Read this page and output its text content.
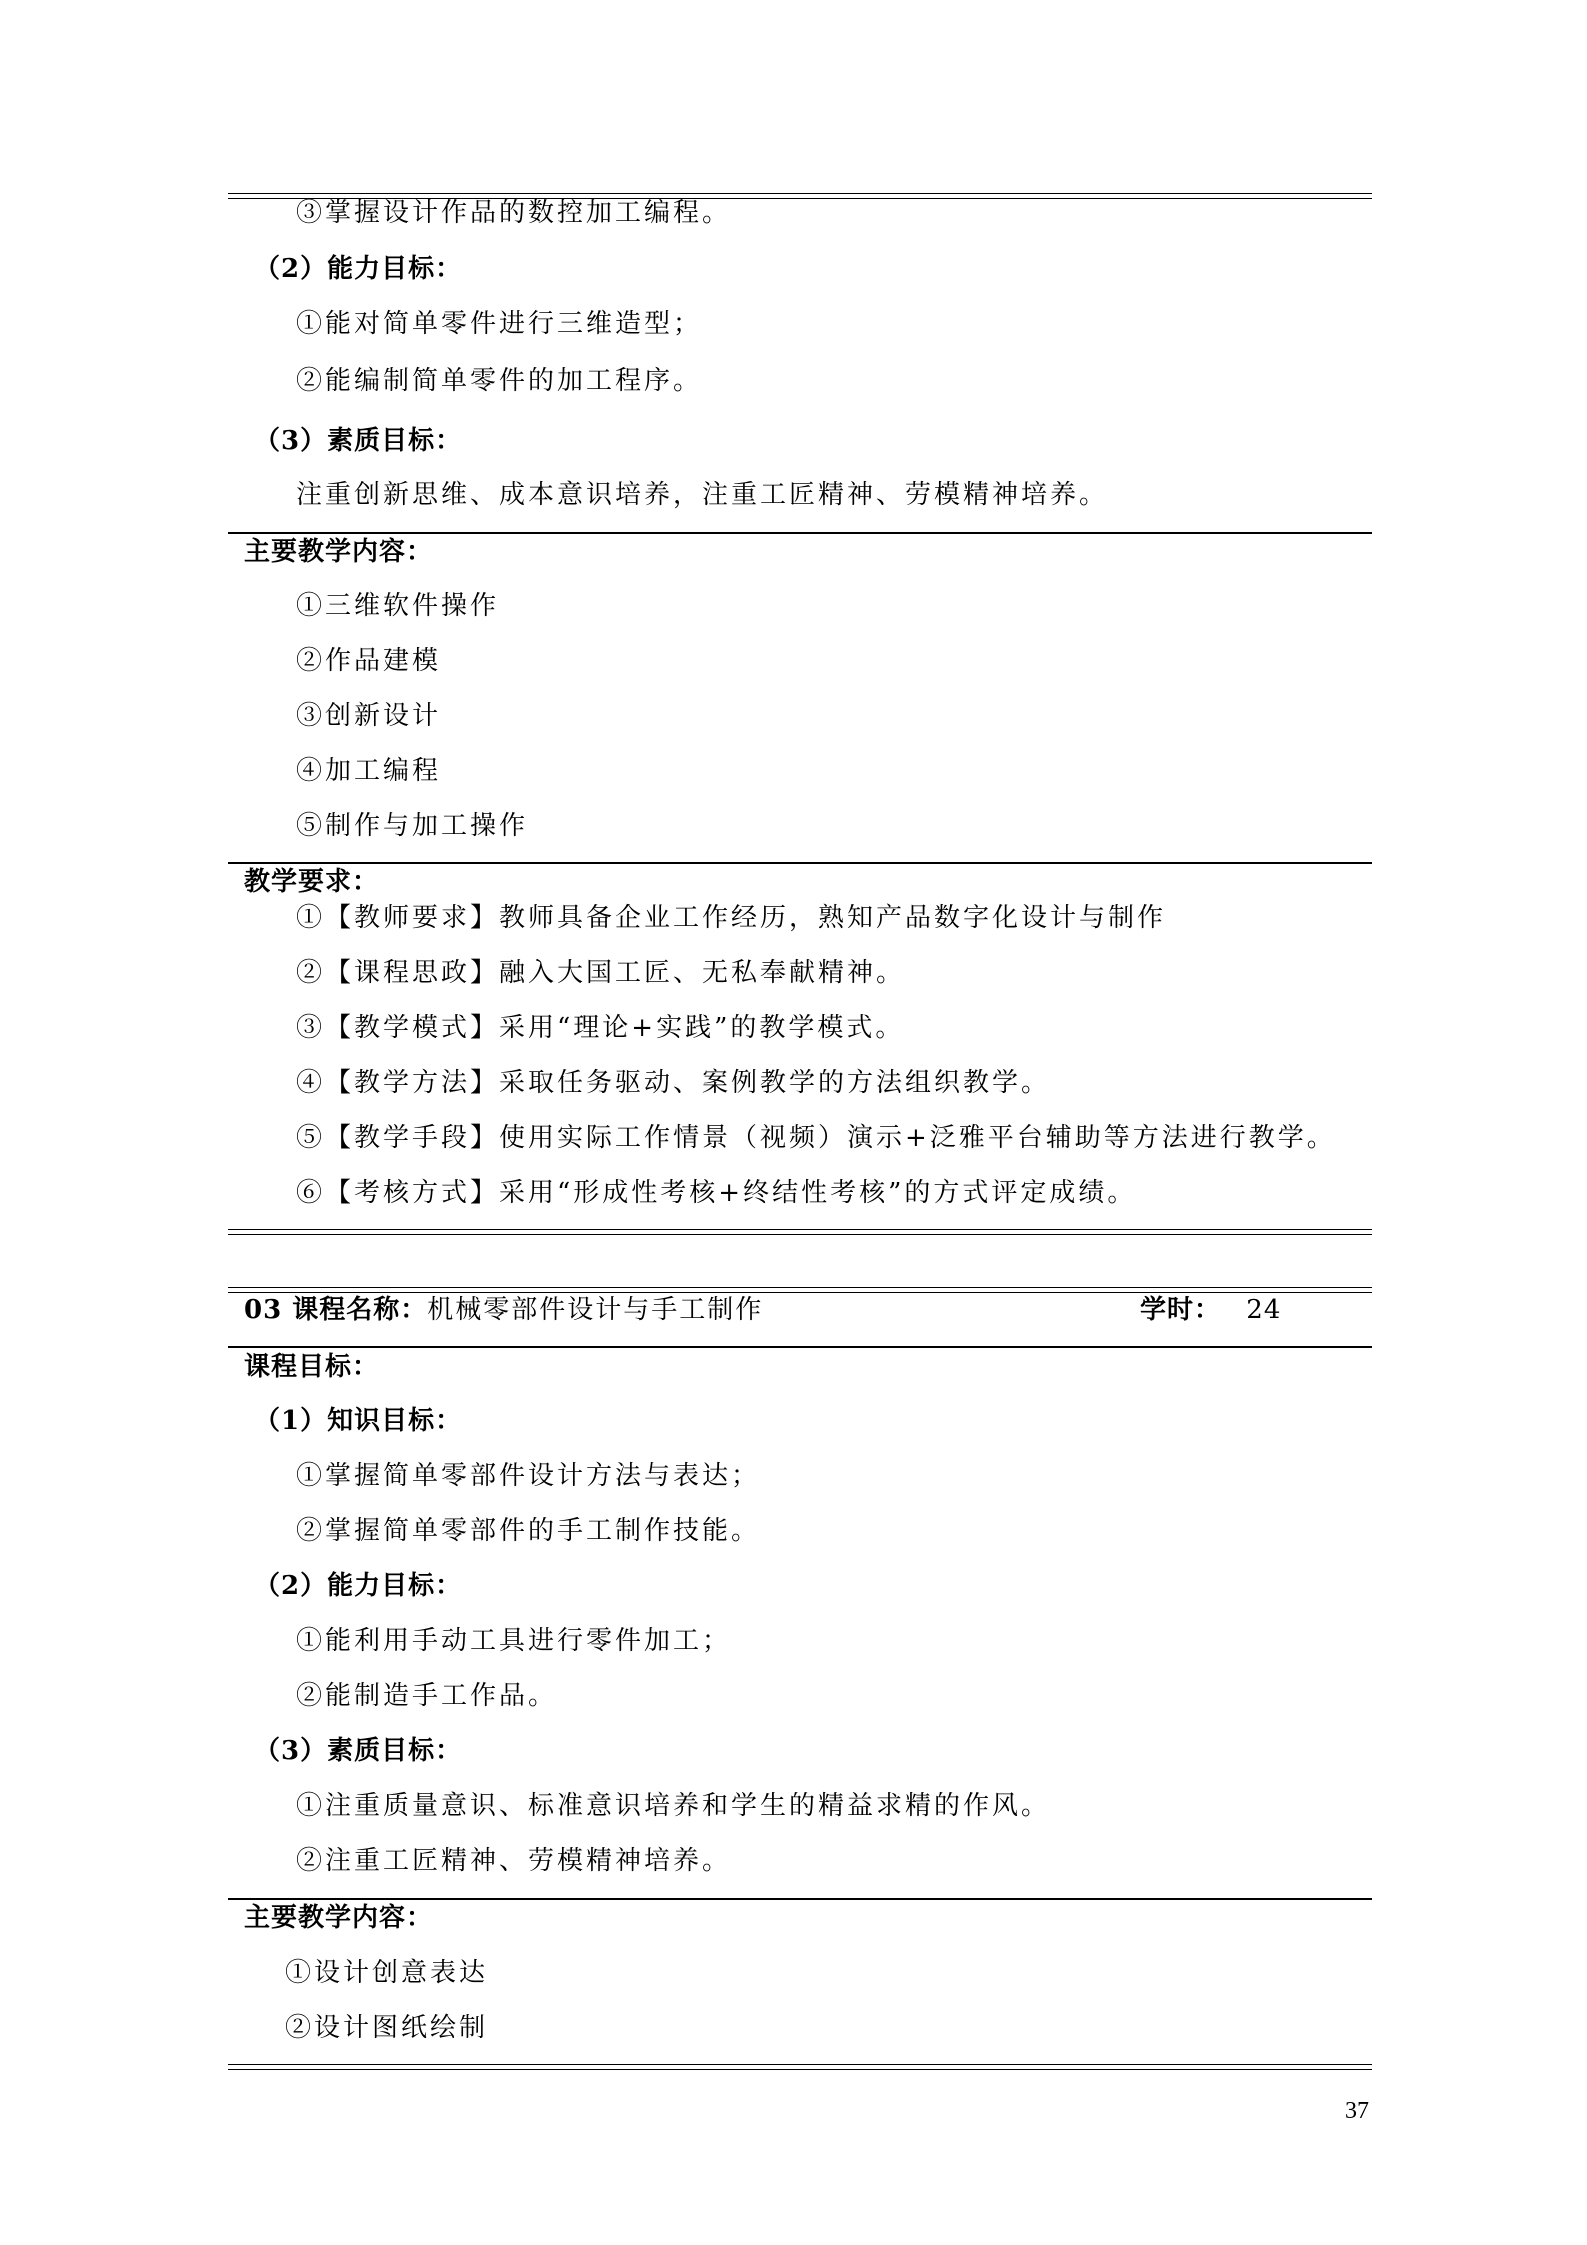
③掌握设计作品的数控加工编程。
（2）能力目标：
①能对简单零件进行三维造型；
②能编制简单零件的加工程序。
（3）素质目标：
注重创新思维、成本意识培养，注重工匠精神、劳模精神培养。
主要教学内容：
①三维软件操作
②作品建模
③创新设计
④加工编程
⑤制作与加工操作
教学要求：
①【教师要求】教师具备企业工作经历，熟知产品数字化设计与制作
②【课程思政】融入大国工匠、无私奉献精神。
③【教学模式】采用“理论+实践”的教学模式。
④【教学方法】采取任务驱动、案例教学的方法组织教学。
⑤【教学手段】使用实际工作情景（视频）演示+泛雅平台辅助等方法进行教学。
⑥【考核方式】采用“形成性考核+终结性考核”的方式评定成绩。
03 课程名称：机械零部件设计与手工制作	学时： 24
课程目标：
（1）知识目标：
①掌握简单零部件设计方法与表达；
②掌握简单零部件的手工制作技能。
（2）能力目标：
①能利用手动工具进行零件加工；
②能制造手工作品。
（3）素质目标：
①注重质量意识、标准意识培养和学生的精益求精的作风。
②注重工匠精神、劳模精神培养。
主要教学内容：
①设计创意表达
②设计图纸绘制
37
